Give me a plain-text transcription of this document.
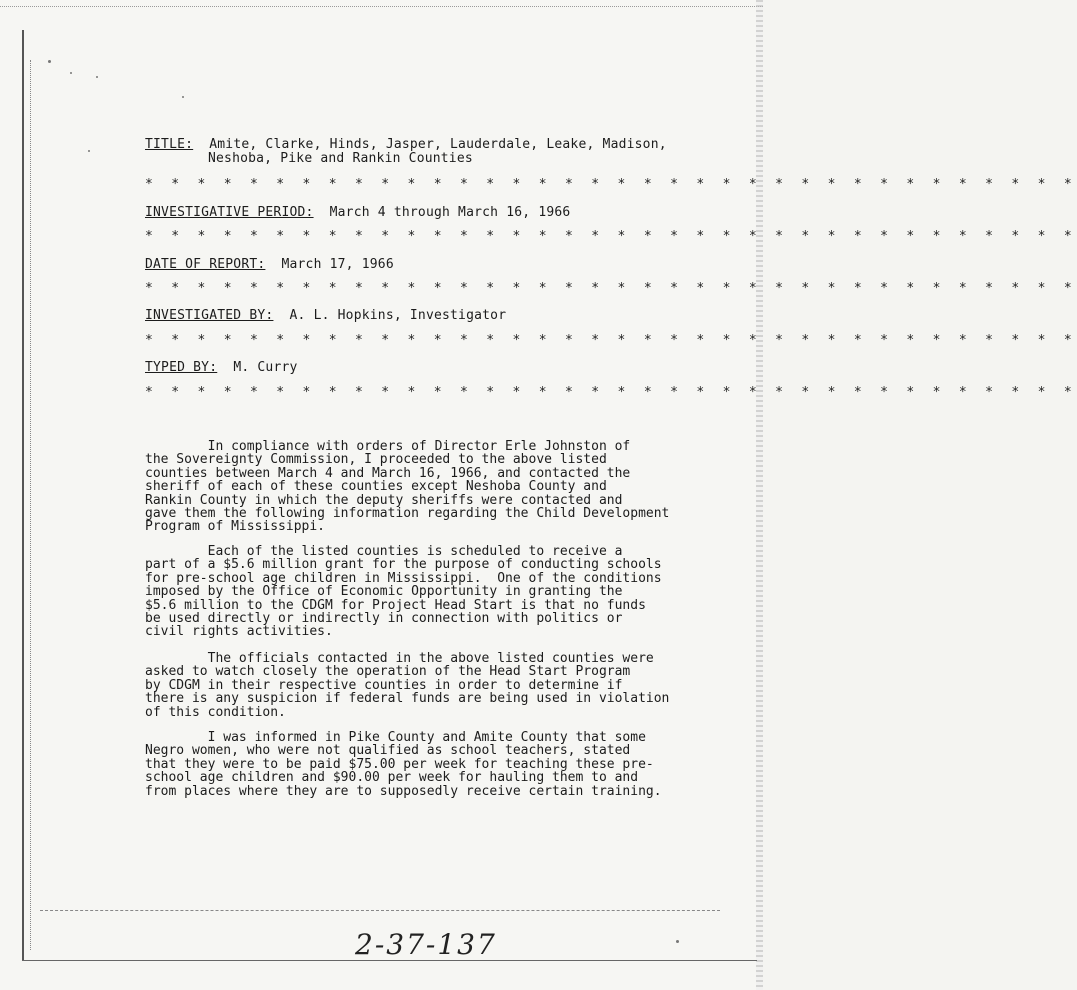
TITLE: Amite, Clarke, Hinds, Jasper, Lauderdale, Leake, Madison,
Neshoba, Pike and Rankin Counties
* * * * * * * * * * * * * * * * * * * * * * * * * * * * * * * * * * * *
INVESTIGATIVE PERIOD: March 4 through March 16, 1966
* * * * * * * * * * * * * * * * * * * * * * * * * * * * * * * * * * * *
DATE OF REPORT: March 17, 1966
* * * * * * * * * * * * * * * * * * * * * * * * * * * * * * * * * * * *
INVESTIGATED BY: A. L. Hopkins, Investigator
* * * * * * * * * * * * * * * * * * * * * * * * * * * * * * * * * * * *
TYPED BY: M. Curry
* * * * * * * * * * * * * * * * * * * * * * * * * * * * * * * * * * * *
In compliance with orders of Director Erle Johnston of
the Sovereignty Commission, I proceeded to the above listed
counties between March 4 and March 16, 1966, and contacted the
sheriff of each of these counties except Neshoba County and
Rankin County in which the deputy sheriffs were contacted and
gave them the following information regarding the Child Development
Program of Mississippi.
Each of the listed counties is scheduled to receive a
part of a $5.6 million grant for the purpose of conducting schools
for pre-school age children in Mississippi.  One of the conditions
imposed by the Office of Economic Opportunity in granting the
$5.6 million to the CDGM for Project Head Start is that no funds
be used directly or indirectly in connection with politics or
civil rights activities.
The officials contacted in the above listed counties were
asked to watch closely the operation of the Head Start Program
by CDGM in their respective counties in order to determine if
there is any suspicion if federal funds are being used in violation
of this condition.
I was informed in Pike County and Amite County that some
Negro women, who were not qualified as school teachers, stated
that they were to be paid $75.00 per week for teaching these pre-
school age children and $90.00 per week for hauling them to and
from places where they are to supposedly receive certain training.
2-37-137
